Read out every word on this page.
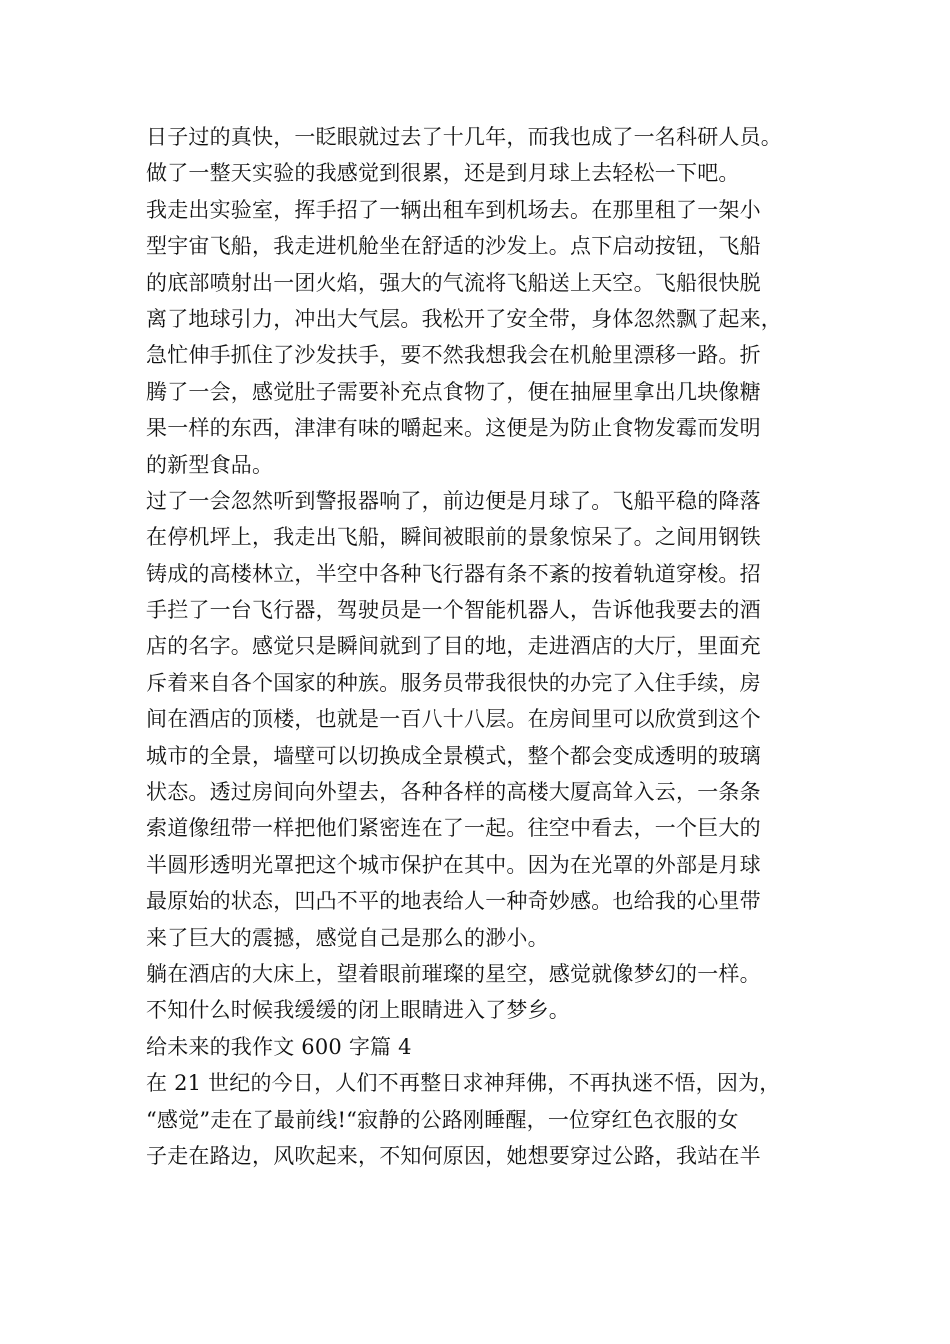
日子过的真快，一眨眼就过去了十几年，而我也成了一名科研人员。
做了一整天实验的我感觉到很累，还是到月球上去轻松一下吧。
我走出实验室，挥手招了一辆出租车到机场去。在那里租了一架小
型宇宙飞船，我走进机舱坐在舒适的沙发上。点下启动按钮，飞船
的底部喷射出一团火焰，强大的气流将飞船送上天空。飞船很快脱
离了地球引力，冲出大气层。我松开了安全带，身体忽然飘了起来，
急忙伸手抓住了沙发扶手，要不然我想我会在机舱里漂移一路。折
腾了一会，感觉肚子需要补充点食物了，便在抽屉里拿出几块像糖
果一样的东西，津津有味的嚼起来。这便是为防止食物发霉而发明
的新型食品。
过了一会忽然听到警报器响了，前边便是月球了。飞船平稳的降落
在停机坪上，我走出飞船，瞬间被眼前的景象惊呆了。之间用钢铁
铸成的高楼林立，半空中各种飞行器有条不紊的按着轨道穿梭。招
手拦了一台飞行器，驾驶员是一个智能机器人，告诉他我要去的酒
店的名字。感觉只是瞬间就到了目的地，走进酒店的大厅，里面充
斥着来自各个国家的种族。服务员带我很快的办完了入住手续，房
间在酒店的顶楼，也就是一百八十八层。在房间里可以欣赏到这个
城市的全景，墙壁可以切换成全景模式，整个都会变成透明的玻璃
状态。透过房间向外望去，各种各样的高楼大厦高耸入云，一条条
索道像纽带一样把他们紧密连在了一起。往空中看去，一个巨大的
半圆形透明光罩把这个城市保护在其中。因为在光罩的外部是月球
最原始的状态，凹凸不平的地表给人一种奇妙感。也给我的心里带
来了巨大的震撼，感觉自己是那么的渺小。
躺在酒店的大床上，望着眼前璀璨的星空，感觉就像梦幻的一样。
不知什么时候我缓缓的闭上眼睛进入了梦乡。
给未来的我作文 600 字篇 4
在 21 世纪的今日，人们不再整日求神拜佛，不再执迷不悟，因为，
“感觉”走在了最前线!“寂静的公路刚睡醒，一位穿红色衣服的女
子走在路边，风吹起来，不知何原因，她想要穿过公路，我站在半
